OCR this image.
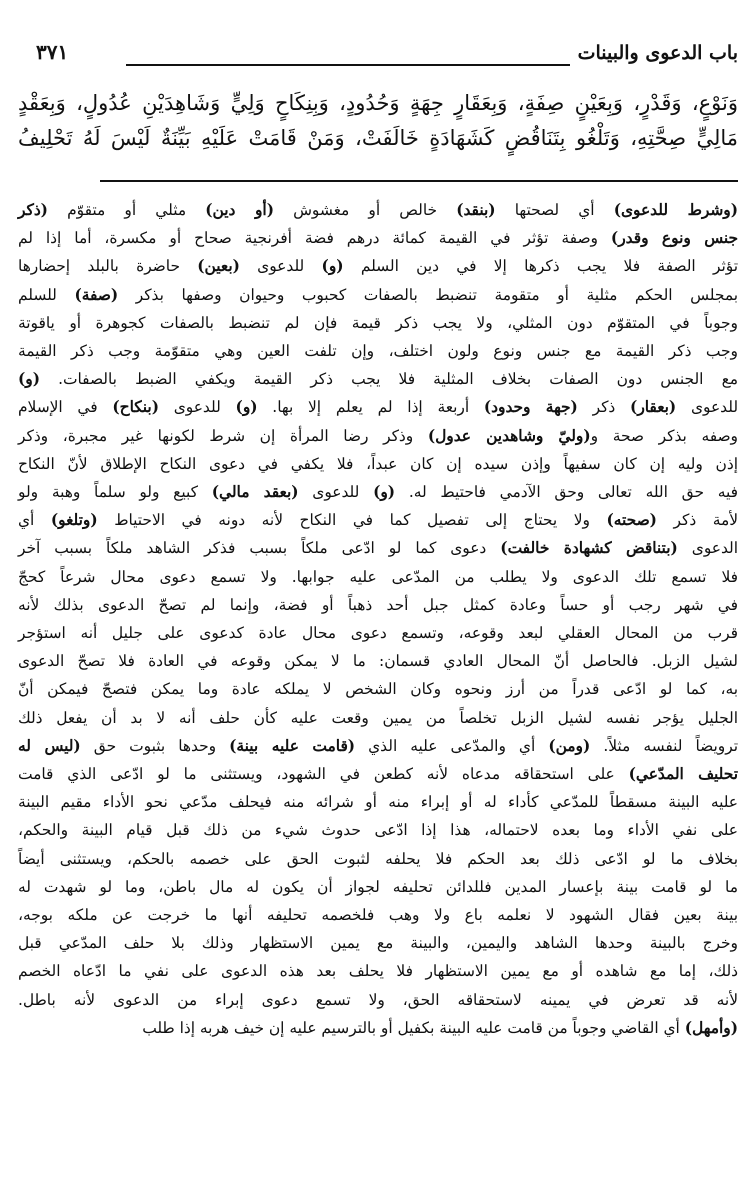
باب الدعوى والبينات
٣٧١

وَنَوْعٍ، وَقَدْرٍ، وَبِعَيْنٍ صِفَةٍ، وَبِعَقَارٍ جِهَةٍ وَحُدُودٍ، وَبِنِكَاحٍ وَلِيٍّ وَشَاهِدَيْنِ عُدُولٍ، وَبِعَقْدٍ

مَالِيٍّ صِحَّتِهِ، وَتَلْغُو بِتَنَاقُضٍ كَشَهَادَةٍ خَالَفَتْ، وَمَنْ قَامَتْ عَلَيْهِ بَيِّنَةٌ لَيْسَ لَهُ تَحْلِيفُ

(وشرط للدعوى) أي لصحتها (بنقد) خالص أو مغشوش (أو دين) مثلي أو متقوّم (ذكر

جنس ونوع وقدر) وصفة تؤثر في القيمة كمائة درهم فضة أفرنجية صحاح أو مكسرة، أما إذا لم

تؤثر الصفة فلا يجب ذكرها إلا في دين السلم (و) للدعوى (بعين) حاضرة بالبلد إحضارها

بمجلس الحكم مثلية أو متقومة تنضبط بالصفات كحبوب وحيوان وصفها بذكر (صفة) للسلم

وجوباً في المتقوّم دون المثلي، ولا يجب ذكر قيمة فإن لم تنضبط بالصفات كجوهرة أو ياقوتة

وجب ذكر القيمة مع جنس ونوع ولون اختلف، وإن تلفت العين وهي متقوّمة وجب ذكر القيمة

مع الجنس دون الصفات بخلاف المثلية فلا يجب ذكر القيمة ويكفي الضبط بالصفات. (و)

للدعوى (بعقار) ذكر (جهة وحدود) أربعة إذا لم يعلم إلا بها. (و) للدعوى (بنكاح) في الإسلام

وصفه بذكر صحة و(وليّ وشاهدين عدول) وذكر رضا المرأة إن شرط لكونها غير مجبرة، وذكر

إذن وليه إن كان سفيهاً وإذن سيده إن كان عبداً، فلا يكفي في دعوى النكاح الإطلاق لأنّ النكاح

فيه حق الله تعالى وحق الآدمي فاحتيط له. (و) للدعوى (بعقد مالي) كبيع ولو سلماً وهبة ولو

لأمة ذكر (صحته) ولا يحتاج إلى تفصيل كما في النكاح لأنه دونه في الاحتياط (وتلغو) أي

الدعوى (بتناقض كشهادة خالفت) دعوى كما لو ادّعى ملكاً بسبب فذكر الشاهد ملكاً بسبب آخر

فلا تسمع تلك الدعوى ولا يطلب من المدّعى عليه جوابها. ولا تسمع دعوى محال شرعاً كحجّ

في شهر رجب أو حساً وعادة كمثل جبل أحد ذهباً أو فضة، وإنما لم تصحّ الدعوى بذلك لأنه

قرب من المحال العقلي لبعد وقوعه، وتسمع دعوى محال عادة كدعوى على جليل أنه استؤجر

لشيل الزبل. فالحاصل أنّ المحال العادي قسمان: ما لا يمكن وقوعه في العادة فلا تصحّ الدعوى

به، كما لو ادّعى قدراً من أرز ونحوه وكان الشخص لا يملكه عادة وما يمكن فتصحّ فيمكن أنّ

الجليل يؤجر نفسه لشيل الزبل تخلصاً من يمين وقعت عليه كأن حلف أنه لا بد أن يفعل ذلك

ترويضاً لنفسه مثلاً. (ومن) أي والمدّعى عليه الذي (قامت عليه بينة) وحدها بثبوت حق (ليس له

تحليف المدّعي) على استحقاقه مدعاه لأنه كطعن في الشهود، ويستثنى ما لو ادّعى الذي قامت

عليه البينة مسقطاً للمدّعي كأداء له أو إبراء منه أو شرائه منه فيحلف مدّعي نحو الأداء مقيم البينة

على نفي الأداء وما بعده لاحتماله، هذا إذا ادّعى حدوث شيء من ذلك قبل قيام البينة والحكم،

بخلاف ما لو ادّعى ذلك بعد الحكم فلا يحلفه لثبوت الحق على خصمه بالحكم، ويستثنى أيضاً

ما لو قامت بينة بإعسار المدين فللدائن تحليفه لجواز أن يكون له مال باطن، وما لو شهدت له

بينة بعين فقال الشهود لا نعلمه باع ولا وهب فلخصمه تحليفه أنها ما خرجت عن ملكه بوجه،

وخرج بالبينة وحدها الشاهد واليمين، والبينة مع يمين الاستظهار وذلك بلا حلف المدّعي قبل

ذلك، إما مع شاهده أو مع يمين الاستظهار فلا يحلف بعد هذه الدعوى على نفي ما ادّعاه الخصم

لأنه قد تعرض في يمينه لاستحقاقه الحق، ولا تسمع دعوى إبراء من الدعوى لأنه باطل.

(وأمهل) أي القاضي وجوباً من قامت عليه البينة بكفيل أو بالترسيم عليه إن خيف هربه إذا طلب
